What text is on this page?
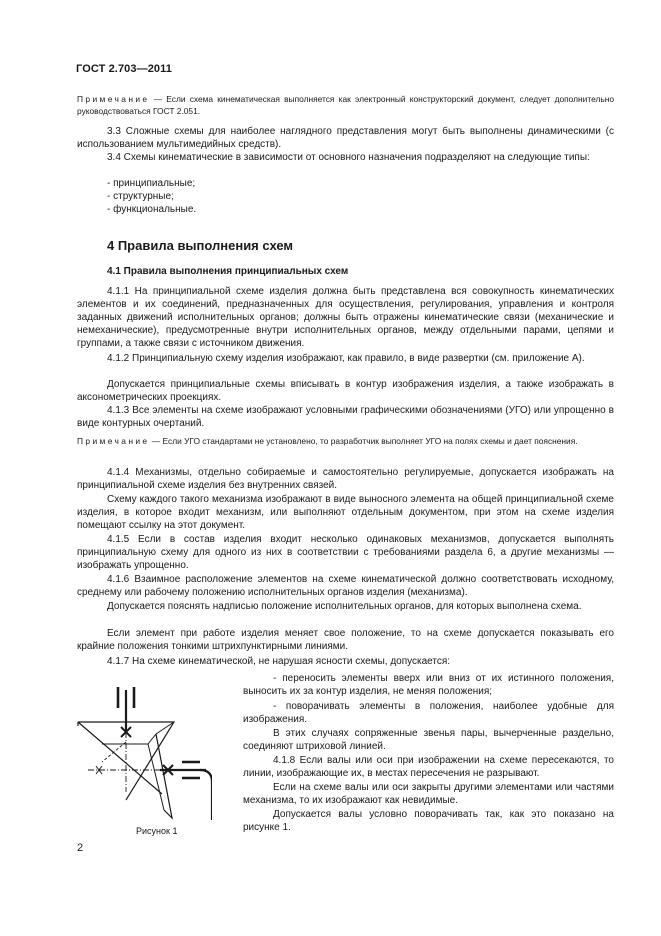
ГОСТ 2.703—2011
Примечание — Если схема кинематическая выполняется как электронный конструкторский документ, следует дополнительно руководствоваться ГОСТ 2.051.
3.3 Сложные схемы для наиболее наглядного представления могут быть выполнены динамическими (с использованием мультимедийных средств).
3.4 Схемы кинематические в зависимости от основного назначения подразделяют на следующие типы:
- принципиальные;
- структурные;
- функциональные.
4 Правила выполнения схем
4.1 Правила выполнения принципиальных схем
4.1.1 На принципиальной схеме изделия должна быть представлена вся совокупность кинематических элементов и их соединений, предназначенных для осуществления, регулирования, управления и контроля заданных движений исполнительных органов; должны быть отражены кинематические связи (механические и немеханические), предусмотренные внутри исполнительных органов, между отдельными парами, цепями и группами, а также связи с источником движения.
4.1.2 Принципиальную схему изделия изображают, как правило, в виде развертки (см. приложение А).
Допускается принципиальные схемы вписывать в контур изображения изделия, а также изображать в аксонометрических проекциях.
4.1.3 Все элементы на схеме изображают условными графическими обозначениями (УГО) или упрощенно в виде контурных очертаний.
Примечание — Если УГО стандартами не установлено, то разработчик выполняет УГО на полях схемы и дает пояснения.
4.1.4 Механизмы, отдельно собираемые и самостоятельно регулируемые, допускается изображать на принципиальной схеме изделия без внутренних связей.
Схему каждого такого механизма изображают в виде выносного элемента на общей принципиальной схеме изделия, в которое входит механизм, или выполняют отдельным документом, при этом на схеме изделия помещают ссылку на этот документ.
4.1.5 Если в состав изделия входит несколько одинаковых механизмов, допускается выполнять принципиальную схему для одного из них в соответствии с требованиями раздела 6, а другие механизмы — изображать упрощенно.
4.1.6 Взаимное расположение элементов на схеме кинематической должно соответствовать исходному, среднему или рабочему положению исполнительных органов изделия (механизма).
Допускается пояснять надписью положение исполнительных органов, для которых выполнена схема.
Если элемент при работе изделия меняет свое положение, то на схеме допускается показывать его крайние положения тонкими штрихпунктирными линиями.
4.1.7 На схеме кинематической, не нарушая ясности схемы, допускается:
- переносить элементы вверх или вниз от их истинного положения, выносить их за контур изделия, не меняя положения;
- поворачивать элементы в положения, наиболее удобные для изображения.
В этих случаях сопряженные звенья пары, вычерченные раздельно, соединяют штриховой линией.
4.1.8 Если валы или оси при изображении на схеме пересекаются, то линии, изображающие их, в местах пересечения не разрывают.
Если на схеме валы или оси закрыты другими элементами или частями механизма, то их изображают как невидимые.
Допускается валы условно поворачивать так, как это показано на рисунке 1.
Рисунок 1
2
